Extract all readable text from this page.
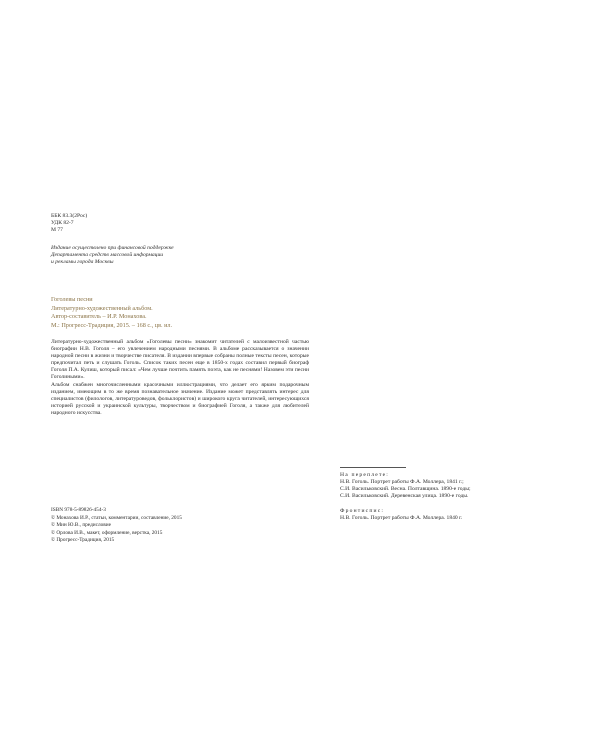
ББК 83.3(2Рос)
УДК 82-7
М 77
Издание осуществлено при финансовой поддержке
Департамента средств массовой информации
и рекламы города Москвы
Гоголевы песни
Литературно-художественный альбом.
Автор-составитель – И.Р. Монахова.
М.: Прогресс-Традиция, 2015. – 168 с., цв. ил.

Литературно-художественный альбом «Гоголевы песни» знакомит читателей с малоизвестной частью биографии Н.В. Гоголя – его увлечением народными песнями. В альбоме рассказывается о значении народной песни в жизни и творчестве писателя. В издании впервые собраны полные тексты песен, которые предпочитал петь и слушать Гоголь. Список таких песен еще в 1850-х годах составил первый биограф Гоголя П.А. Кулиш, который писал: «Чем лучше почтить память поэта, как не песнями! Назовем эти песни Гоголиными».

Альбом снабжен многочисленными красочными иллюстрациями, что делает его ярким подарочным изданием, имеющим в то же время познавательное значение. Издание может представлять интерес для специалистов (филологов, литературоведов, фольклористов) и широкого круга читателей, интересующихся историей русской и украинской культуры, творчеством и биографией Гоголя, а также для любителей народного искусства.

ISBN 978-5-89826-454-3
© Монахова И.Р., статьи, комментарии, составление, 2015
© Мин Ю.В., предисловие
© Орлова И.В., макет, оформление, верстка, 2015
© Прогресс-Традиция, 2015
На переплете:
Н.В. Гоголь. Портрет работы Ф.А. Моллера, 1841 г.;
С.И. Васильковский. Весна. Полтавщина. 1890-е годы;
С.И. Васильковский. Деревенская улица. 1890-е годы.
Фронтиспис:
Н.В. Гоголь. Портрет работы Ф.А. Моллера. 1840 г.
